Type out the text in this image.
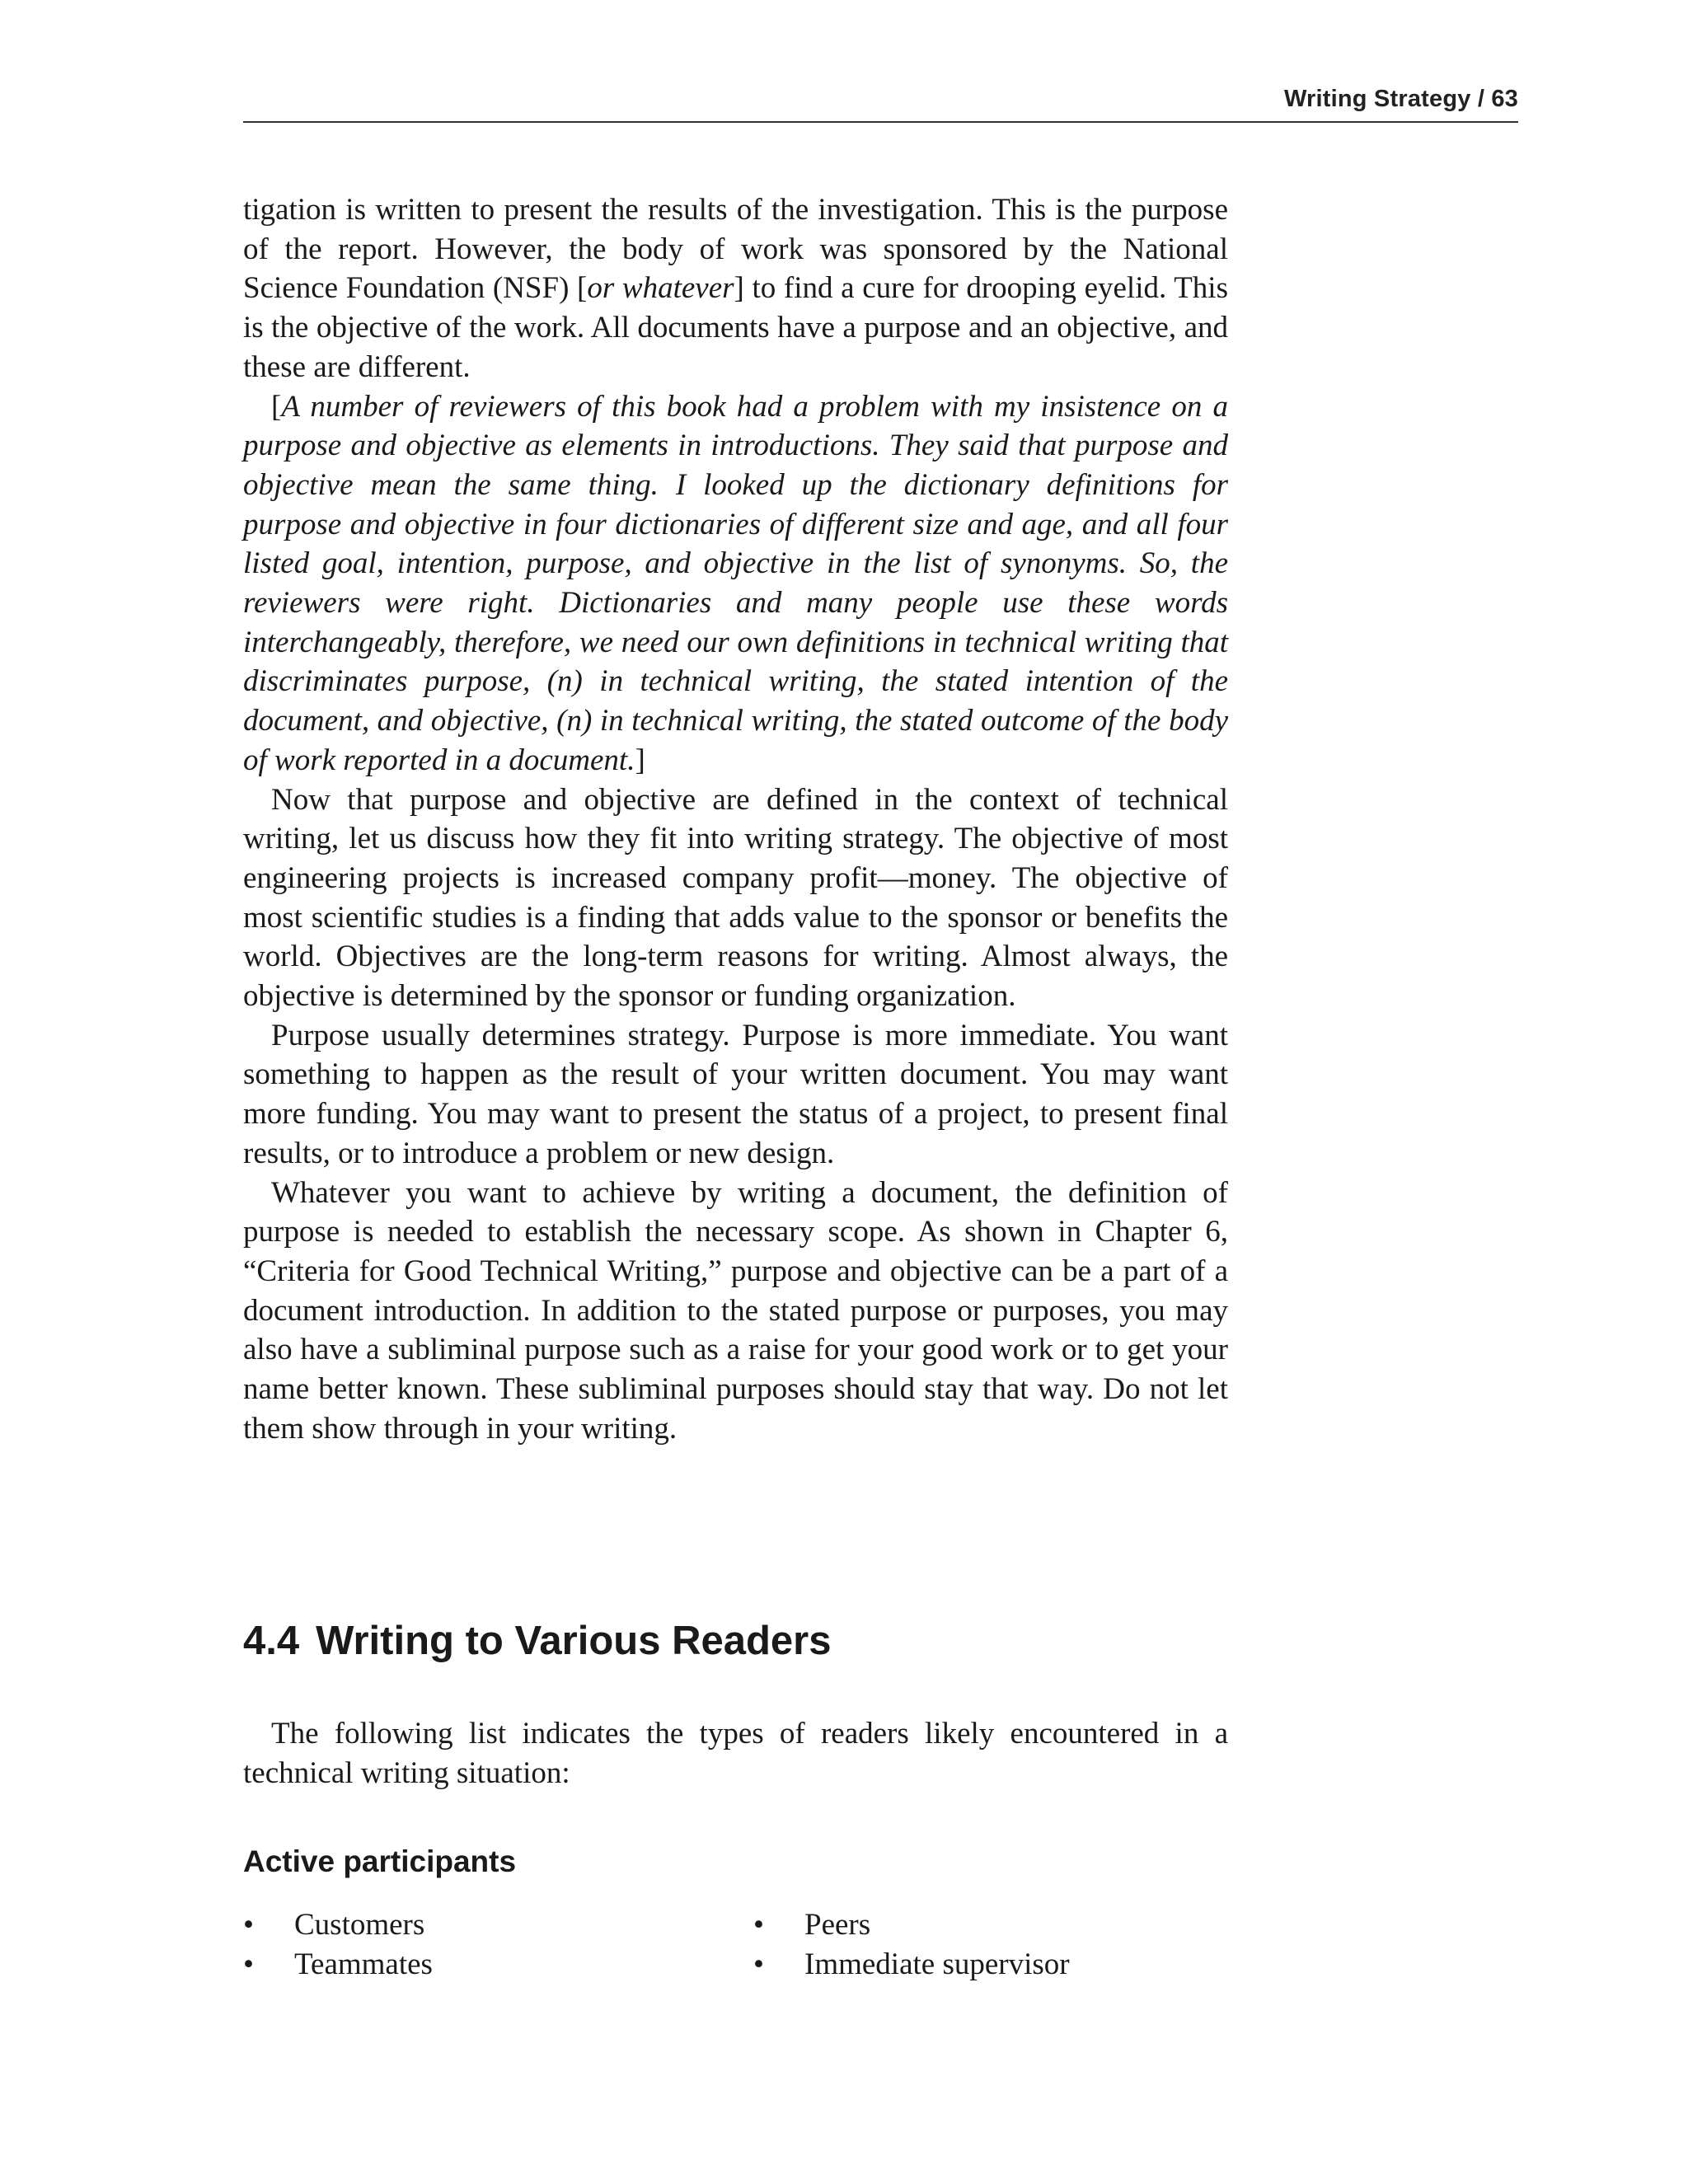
Writing Strategy / 63

tigation is written to present the results of the investigation. This is the purpose of the report. However, the body of work was sponsored by the National Science Foundation (NSF) [or whatever] to find a cure for drooping eyelid. This is the objective of the work. All documents have a purpose and an objective, and these are different.

[A number of reviewers of this book had a problem with my insistence on a purpose and objective as elements in introductions. They said that purpose and objective mean the same thing. I looked up the dictionary definitions for purpose and objective in four dictionaries of different size and age, and all four listed goal, intention, purpose, and objective in the list of synonyms. So, the reviewers were right. Dictionaries and many people use these words interchangeably, therefore, we need our own definitions in technical writing that discriminates purpose, (n) in technical writing, the stated intention of the document, and objective, (n) in technical writing, the stated outcome of the body of work reported in a document.]

Now that purpose and objective are defined in the context of technical writing, let us discuss how they fit into writing strategy. The objective of most engineering projects is increased company profit—money. The objective of most scientific studies is a finding that adds value to the sponsor or benefits the world. Objectives are the long-term reasons for writing. Almost always, the objective is determined by the sponsor or funding organization.

Purpose usually determines strategy. Purpose is more immediate. You want something to happen as the result of your written document. You may want more funding. You may want to present the status of a project, to present final results, or to introduce a problem or new design.

Whatever you want to achieve by writing a document, the definition of purpose is needed to establish the necessary scope. As shown in Chapter 6, “Criteria for Good Technical Writing,” purpose and objective can be a part of a document introduction. In addition to the stated purpose or purposes, you may also have a subliminal purpose such as a raise for your good work or to get your name better known. These subliminal purposes should stay that way. Do not let them show through in your writing.

4.4 Writing to Various Readers

The following list indicates the types of readers likely encountered in a technical writing situation:

Active participants
• Customers
• Teammates
• Peers
• Immediate supervisor
